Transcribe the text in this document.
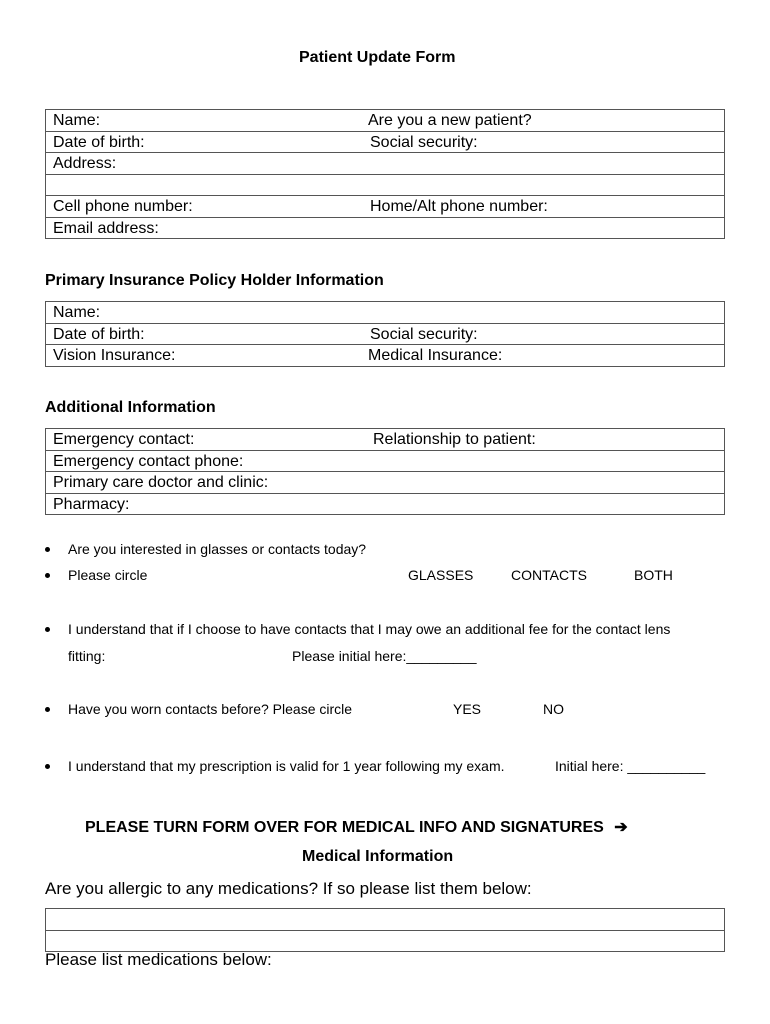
Patient Update Form
Name:	Are you a new patient?
Date of birth:	Social security:
Address:
Cell phone number:	Home/Alt phone number:
Email address:
Primary Insurance Policy Holder Information
Name:
Date of birth:	Social security:
Vision Insurance:	Medical Insurance:
Additional Information
Emergency contact:	Relationship to patient:
Emergency contact phone:
Primary care doctor and clinic:
Pharmacy:
Are you interested in glasses or contacts today?
Please circle	GLASSES	CONTACTS	BOTH
I understand that if I choose to have contacts that I may owe an additional fee for the contact lens
fitting:	Please initial here:_________
Have you worn contacts before? Please circle	YES	NO
I understand that my prescription is valid for 1 year following my exam.	Initial here: __________
PLEASE TURN FORM OVER FOR MEDICAL INFO AND SIGNATURES ➔
Medical Information
Are you allergic to any medications? If so please list them below:
Please list medications below:
